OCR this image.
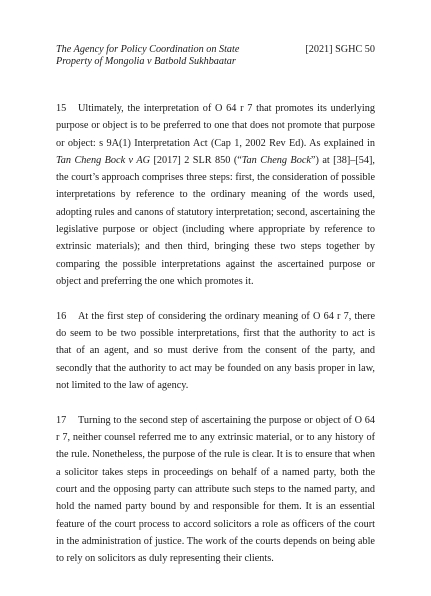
The Agency for Policy Coordination on State
Property of Mongolia v Batbold Sukhbaatar
[2021] SGHC 50

15 Ultimately, the interpretation of O 64 r 7 that promotes its underlying purpose or object is to be preferred to one that does not promote that purpose or object: s 9A(1) Interpretation Act (Cap 1, 2002 Rev Ed). As explained in Tan Cheng Bock v AG [2017] 2 SLR 850 (“Tan Cheng Bock”) at [38]–[54], the court’s approach comprises three steps: first, the consideration of possible interpretations by reference to the ordinary meaning of the words used, adopting rules and canons of statutory interpretation; second, ascertaining the legislative purpose or object (including where appropriate by reference to extrinsic materials); and then third, bringing these two steps together by comparing the possible interpretations against the ascertained purpose or object and preferring the one which promotes it.

16 At the first step of considering the ordinary meaning of O 64 r 7, there do seem to be two possible interpretations, first that the authority to act is that of an agent, and so must derive from the consent of the party, and secondly that the authority to act may be founded on any basis proper in law, not limited to the law of agency.

17 Turning to the second step of ascertaining the purpose or object of O 64 r 7, neither counsel referred me to any extrinsic material, or to any history of the rule. Nonetheless, the purpose of the rule is clear. It is to ensure that when a solicitor takes steps in proceedings on behalf of a named party, both the court and the opposing party can attribute such steps to the named party, and hold the named party bound by and responsible for them. It is an essential feature of the court process to accord solicitors a role as officers of the court in the administration of justice. The work of the courts depends on being able to rely on solicitors as duly representing their clients.
